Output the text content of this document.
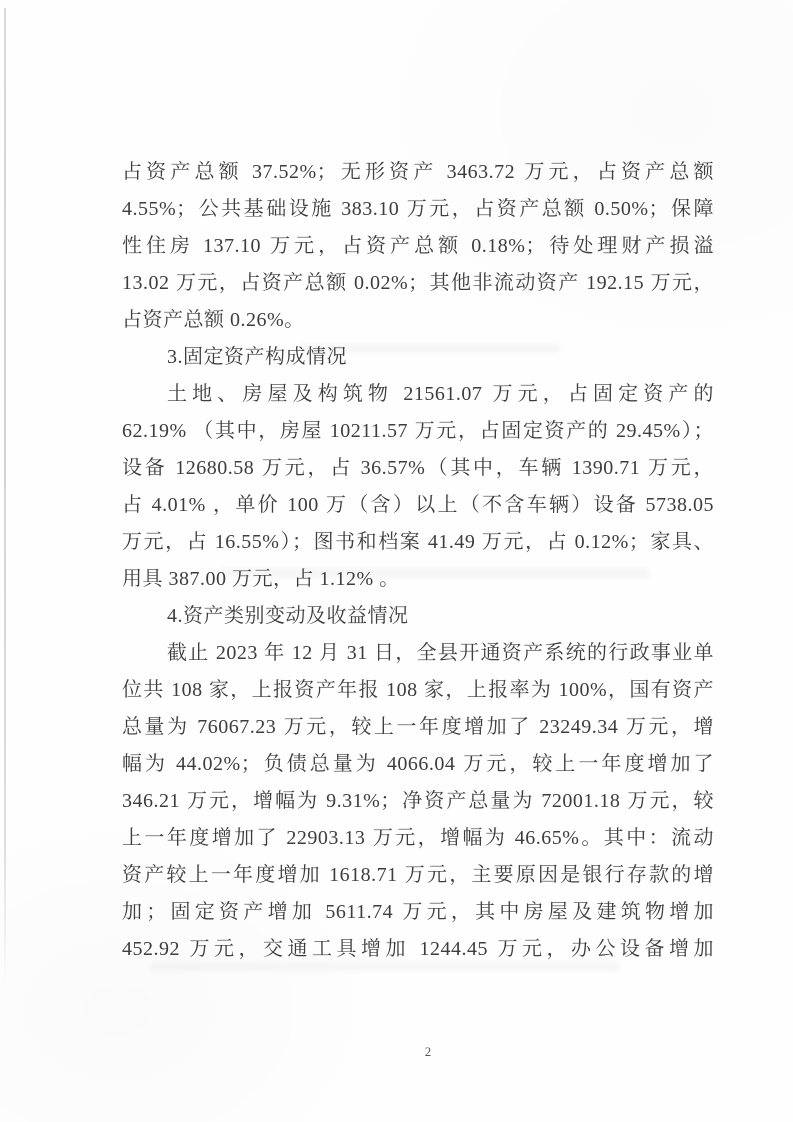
占资产总额 37.52%；无形资产 3463.72 万元，占资产总额
4.55%；公共基础设施 383.10 万元，占资产总额 0.50%；保障
性住房 137.10 万元，占资产总额 0.18%；待处理财产损溢
13.02 万元，占资产总额 0.02%；其他非流动资产 192.15 万元，
占资产总额 0.26%。
3.固定资产构成情况
土地、房屋及构筑物 21561.07 万元，占固定资产的
62.19% （其中，房屋 10211.57 万元，占固定资产的 29.45%）；
设备 12680.58 万元，占 36.57%（其中，车辆 1390.71 万元，
占 4.01% ，单价 100 万（含）以上（不含车辆）设备 5738.05
万元，占 16.55%）；图书和档案 41.49 万元，占 0.12%；家具、
用具 387.00 万元，占 1.12% 。
4.资产类别变动及收益情况
截止 2023 年 12 月 31 日，全县开通资产系统的行政事业单
位共 108 家，上报资产年报 108 家，上报率为 100%，国有资产
总量为 76067.23 万元，较上一年度增加了 23249.34 万元，增
幅为 44.02%；负债总量为 4066.04 万元，较上一年度增加了
346.21 万元，增幅为 9.31%；净资产总量为 72001.18 万元，较
上一年度增加了 22903.13 万元，增幅为 46.65%。其中：流动
资产较上一年度增加 1618.71 万元，主要原因是银行存款的增
加；固定资产增加 5611.74 万元，其中房屋及建筑物增加
452.92 万元，交通工具增加 1244.45 万元，办公设备增加
2
